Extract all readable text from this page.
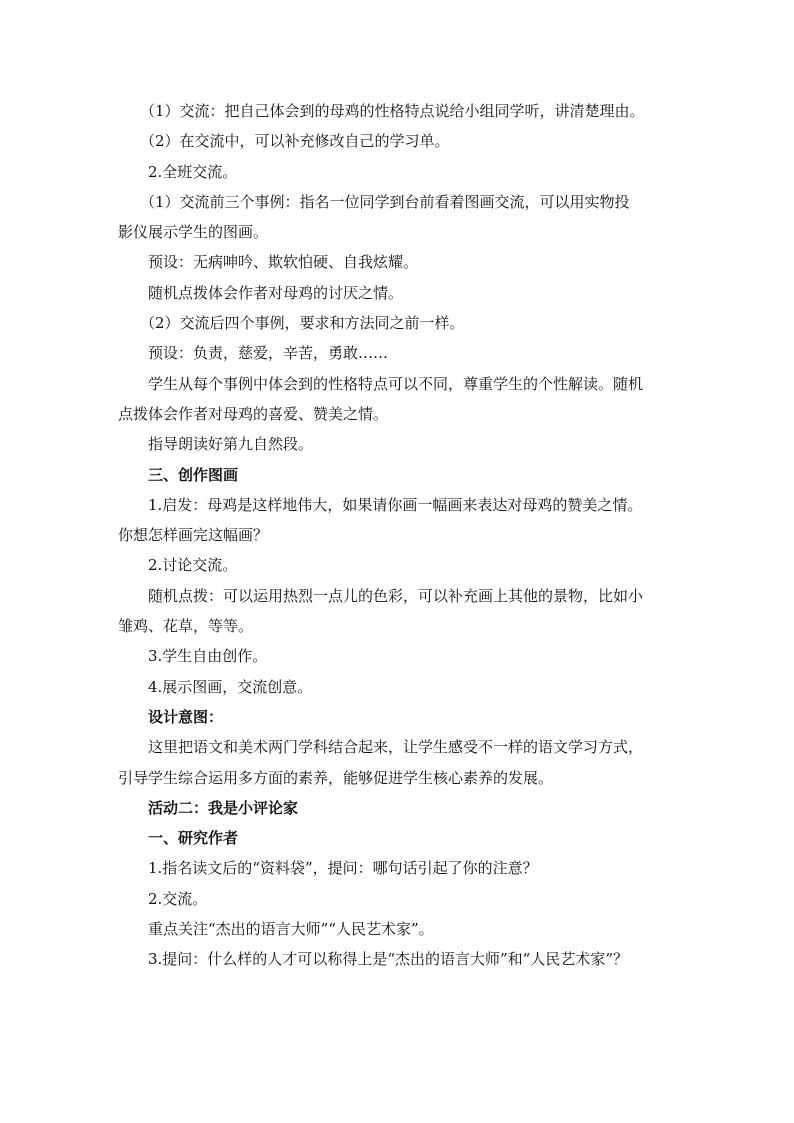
（1）交流：把自己体会到的母鸡的性格特点说给小组同学听，讲清楚理由。
（2）在交流中，可以补充修改自己的学习单。
2.全班交流。
（1）交流前三个事例：指名一位同学到台前看着图画交流，可以用实物投
影仪展示学生的图画。
预设：无病呻吟、欺软怕硬、自我炫耀。
随机点拨体会作者对母鸡的讨厌之情。
（2）交流后四个事例，要求和方法同之前一样。
预设：负责，慈爱，辛苦，勇敢……
学生从每个事例中体会到的性格特点可以不同，尊重学生的个性解读。随机
点拨体会作者对母鸡的喜爱、赞美之情。
指导朗读好第九自然段。
三、创作图画
1.启发：母鸡是这样地伟大，如果请你画一幅画来表达对母鸡的赞美之情。
你想怎样画完这幅画？
2.讨论交流。
随机点拨：可以运用热烈一点儿的色彩，可以补充画上其他的景物，比如小
雏鸡、花草，等等。
3.学生自由创作。
4.展示图画，交流创意。
设计意图：
这里把语文和美术两门学科结合起来，让学生感受不一样的语文学习方式，
引导学生综合运用多方面的素养，能够促进学生核心素养的发展。
活动二：我是小评论家
一、研究作者
1.指名读文后的“资料袋”，提问：哪句话引起了你的注意？
2.交流。
重点关注“杰出的语言大师”“人民艺术家”。
3.提问：什么样的人才可以称得上是“杰出的语言大师”和“人民艺术家”？
